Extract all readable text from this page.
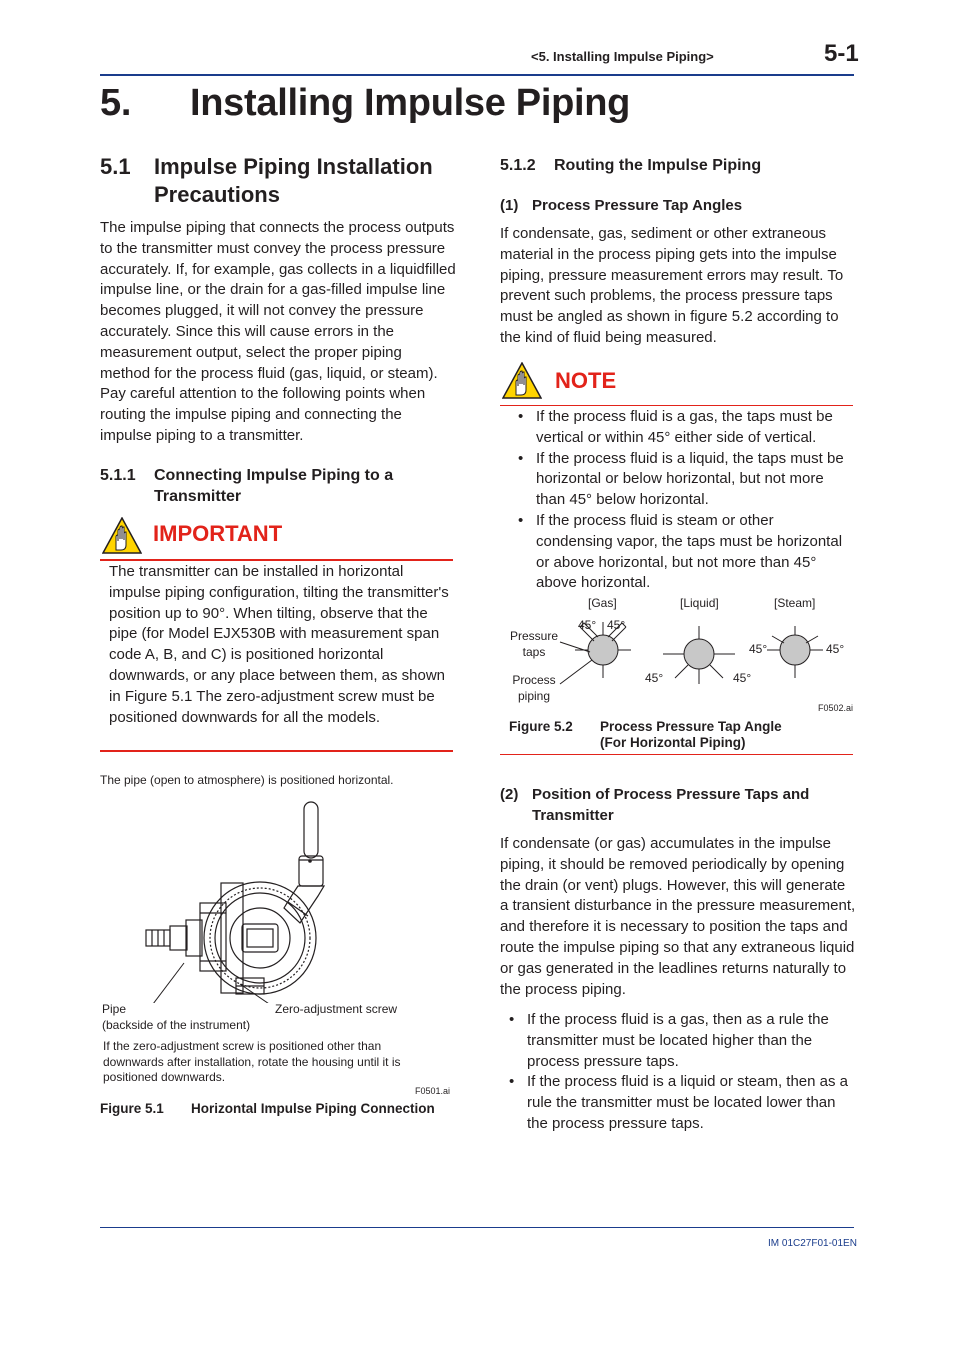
<5. Installing Impulse Piping>	5-1
5. Installing Impulse Piping
5.1 Impulse Piping Installation
Precautions
The impulse piping that connects the process outputs to the transmitter must convey the process pressure accurately. If, for example, gas collects in a liquidfilled impulse line, or the drain for a gas-filled impulse line becomes plugged, it will not convey the pressure accurately. Since this will cause errors in the measurement output, select the proper piping method for the process fluid (gas, liquid, or steam). Pay careful attention to the following points when routing the impulse piping and connecting the impulse piping to a transmitter.
5.1.1 Connecting Impulse Piping to a
Transmitter
IMPORTANT
The transmitter can be installed in horizontal impulse piping configuration, tilting the transmitter's position up to 90°. When tilting, observe that the pipe (for Model EJX530B with measurement span code A, B, and C) is positioned horizontal downwards, or any place between them, as shown in Figure 5.1 The zero-adjustment screw must be positioned downwards for all the models.
The pipe (open to atmosphere) is positioned horizontal.
Pipe
(backside of the instrument)
Zero-adjustment screw
If the zero-adjustment screw is positioned other than downwards after installation, rotate the housing until it is positioned downwards.
F0501.ai
Figure 5.1 Horizontal Impulse Piping Connection
5.1.2 Routing the Impulse Piping
(1) Process Pressure Tap Angles
If condensate, gas, sediment or other extraneous material in the process piping gets into the impulse piping, pressure measurement errors may result. To prevent such problems, the process pressure taps must be angled as shown in figure 5.2 according to the kind of fluid being measured.
NOTE
• If the process fluid is a gas, the taps must be vertical or within 45° either side of vertical.
• If the process fluid is a liquid, the taps must be horizontal or below horizontal, but not more than 45° below horizontal.
• If the process fluid is steam or other condensing vapor, the taps must be horizontal or above horizontal, but not more than 45° above horizontal.
[Gas]	[Liquid]	[Steam]
Pressure
taps
Process
piping
45° 45°
45°	45°
45°	45°
F0502.ai
Figure 5.2 Process Pressure Tap Angle
(For Horizontal Piping)
(2) Position of Process Pressure Taps and
Transmitter
If condensate (or gas) accumulates in the impulse piping, it should be removed periodically by opening the drain (or vent) plugs. However, this will generate a transient disturbance in the pressure measurement, and therefore it is necessary to position the taps and route the impulse piping so that any extraneous liquid or gas generated in the leadlines returns naturally to the process piping.
• If the process fluid is a gas, then as a rule the transmitter must be located higher than the process pressure taps.
• If the process fluid is a liquid or steam, then as a rule the transmitter must be located lower than the process pressure taps.
IM 01C27F01-01EN
